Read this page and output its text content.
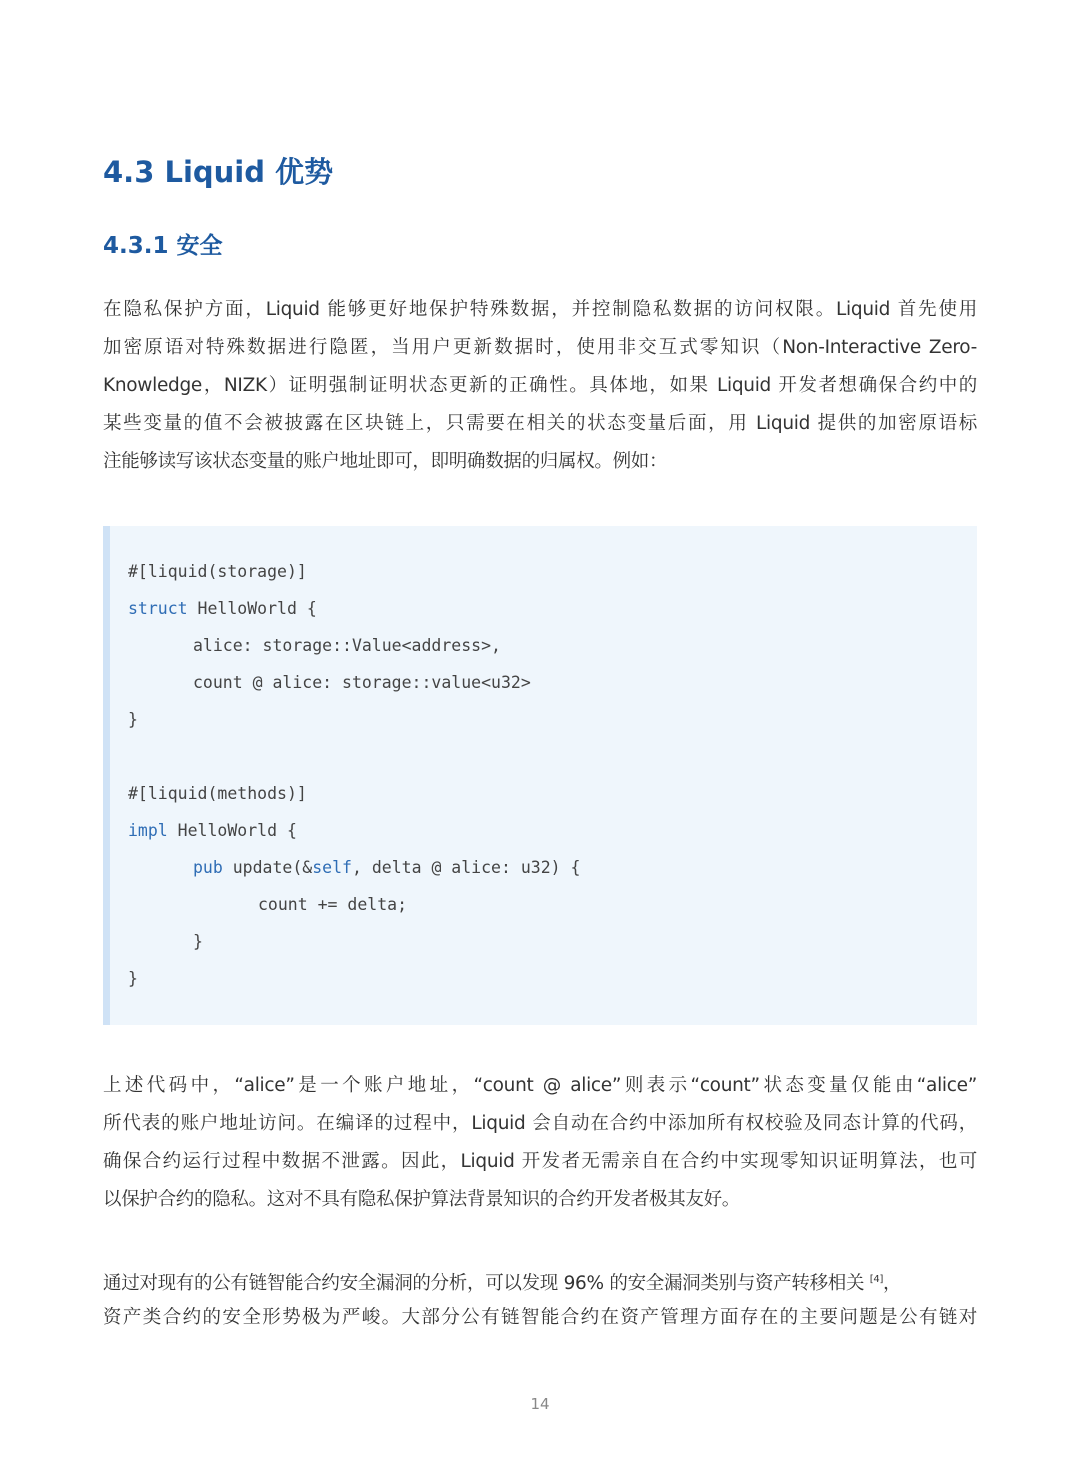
4.3 Liquid 优势
4.3.1 安全
在隐私保护方面，Liquid 能够更好地保护特殊数据，并控制隐私数据的访问权限。Liquid 首先使用
加密原语对特殊数据进行隐匿，当用户更新数据时，使用非交互式零知识（Non-Interactive Zero-
Knowledge，NIZK）证明强制证明状态更新的正确性。具体地，如果 Liquid 开发者想确保合约中的
某些变量的值不会被披露在区块链上，只需要在相关的状态变量后面，用 Liquid 提供的加密原语标
注能够读写该状态变量的账户地址即可，即明确数据的归属权。例如：
#[liquid(storage)]
struct HelloWorld {
alice: storage::Value<address>,
count @ alice: storage::value<u32>
}
#[liquid(methods)]
impl HelloWorld {
pub update(&self, delta @ alice: u32) {
count += delta;
}
}
上述代码中，“alice”是一个账户地址，“count @ alice”则表示“count”状态变量仅能由“alice”
所代表的账户地址访问。在编译的过程中，Liquid 会自动在合约中添加所有权校验及同态计算的代码，
确保合约运行过程中数据不泄露。因此，Liquid 开发者无需亲自在合约中实现零知识证明算法，也可
以保护合约的隐私。这对不具有隐私保护算法背景知识的合约开发者极其友好。
通过对现有的公有链智能合约安全漏洞的分析，可以发现 96% 的安全漏洞类别与资产转移相关 [4]，
资产类合约的安全形势极为严峻。大部分公有链智能合约在资产管理方面存在的主要问题是公有链对
14
